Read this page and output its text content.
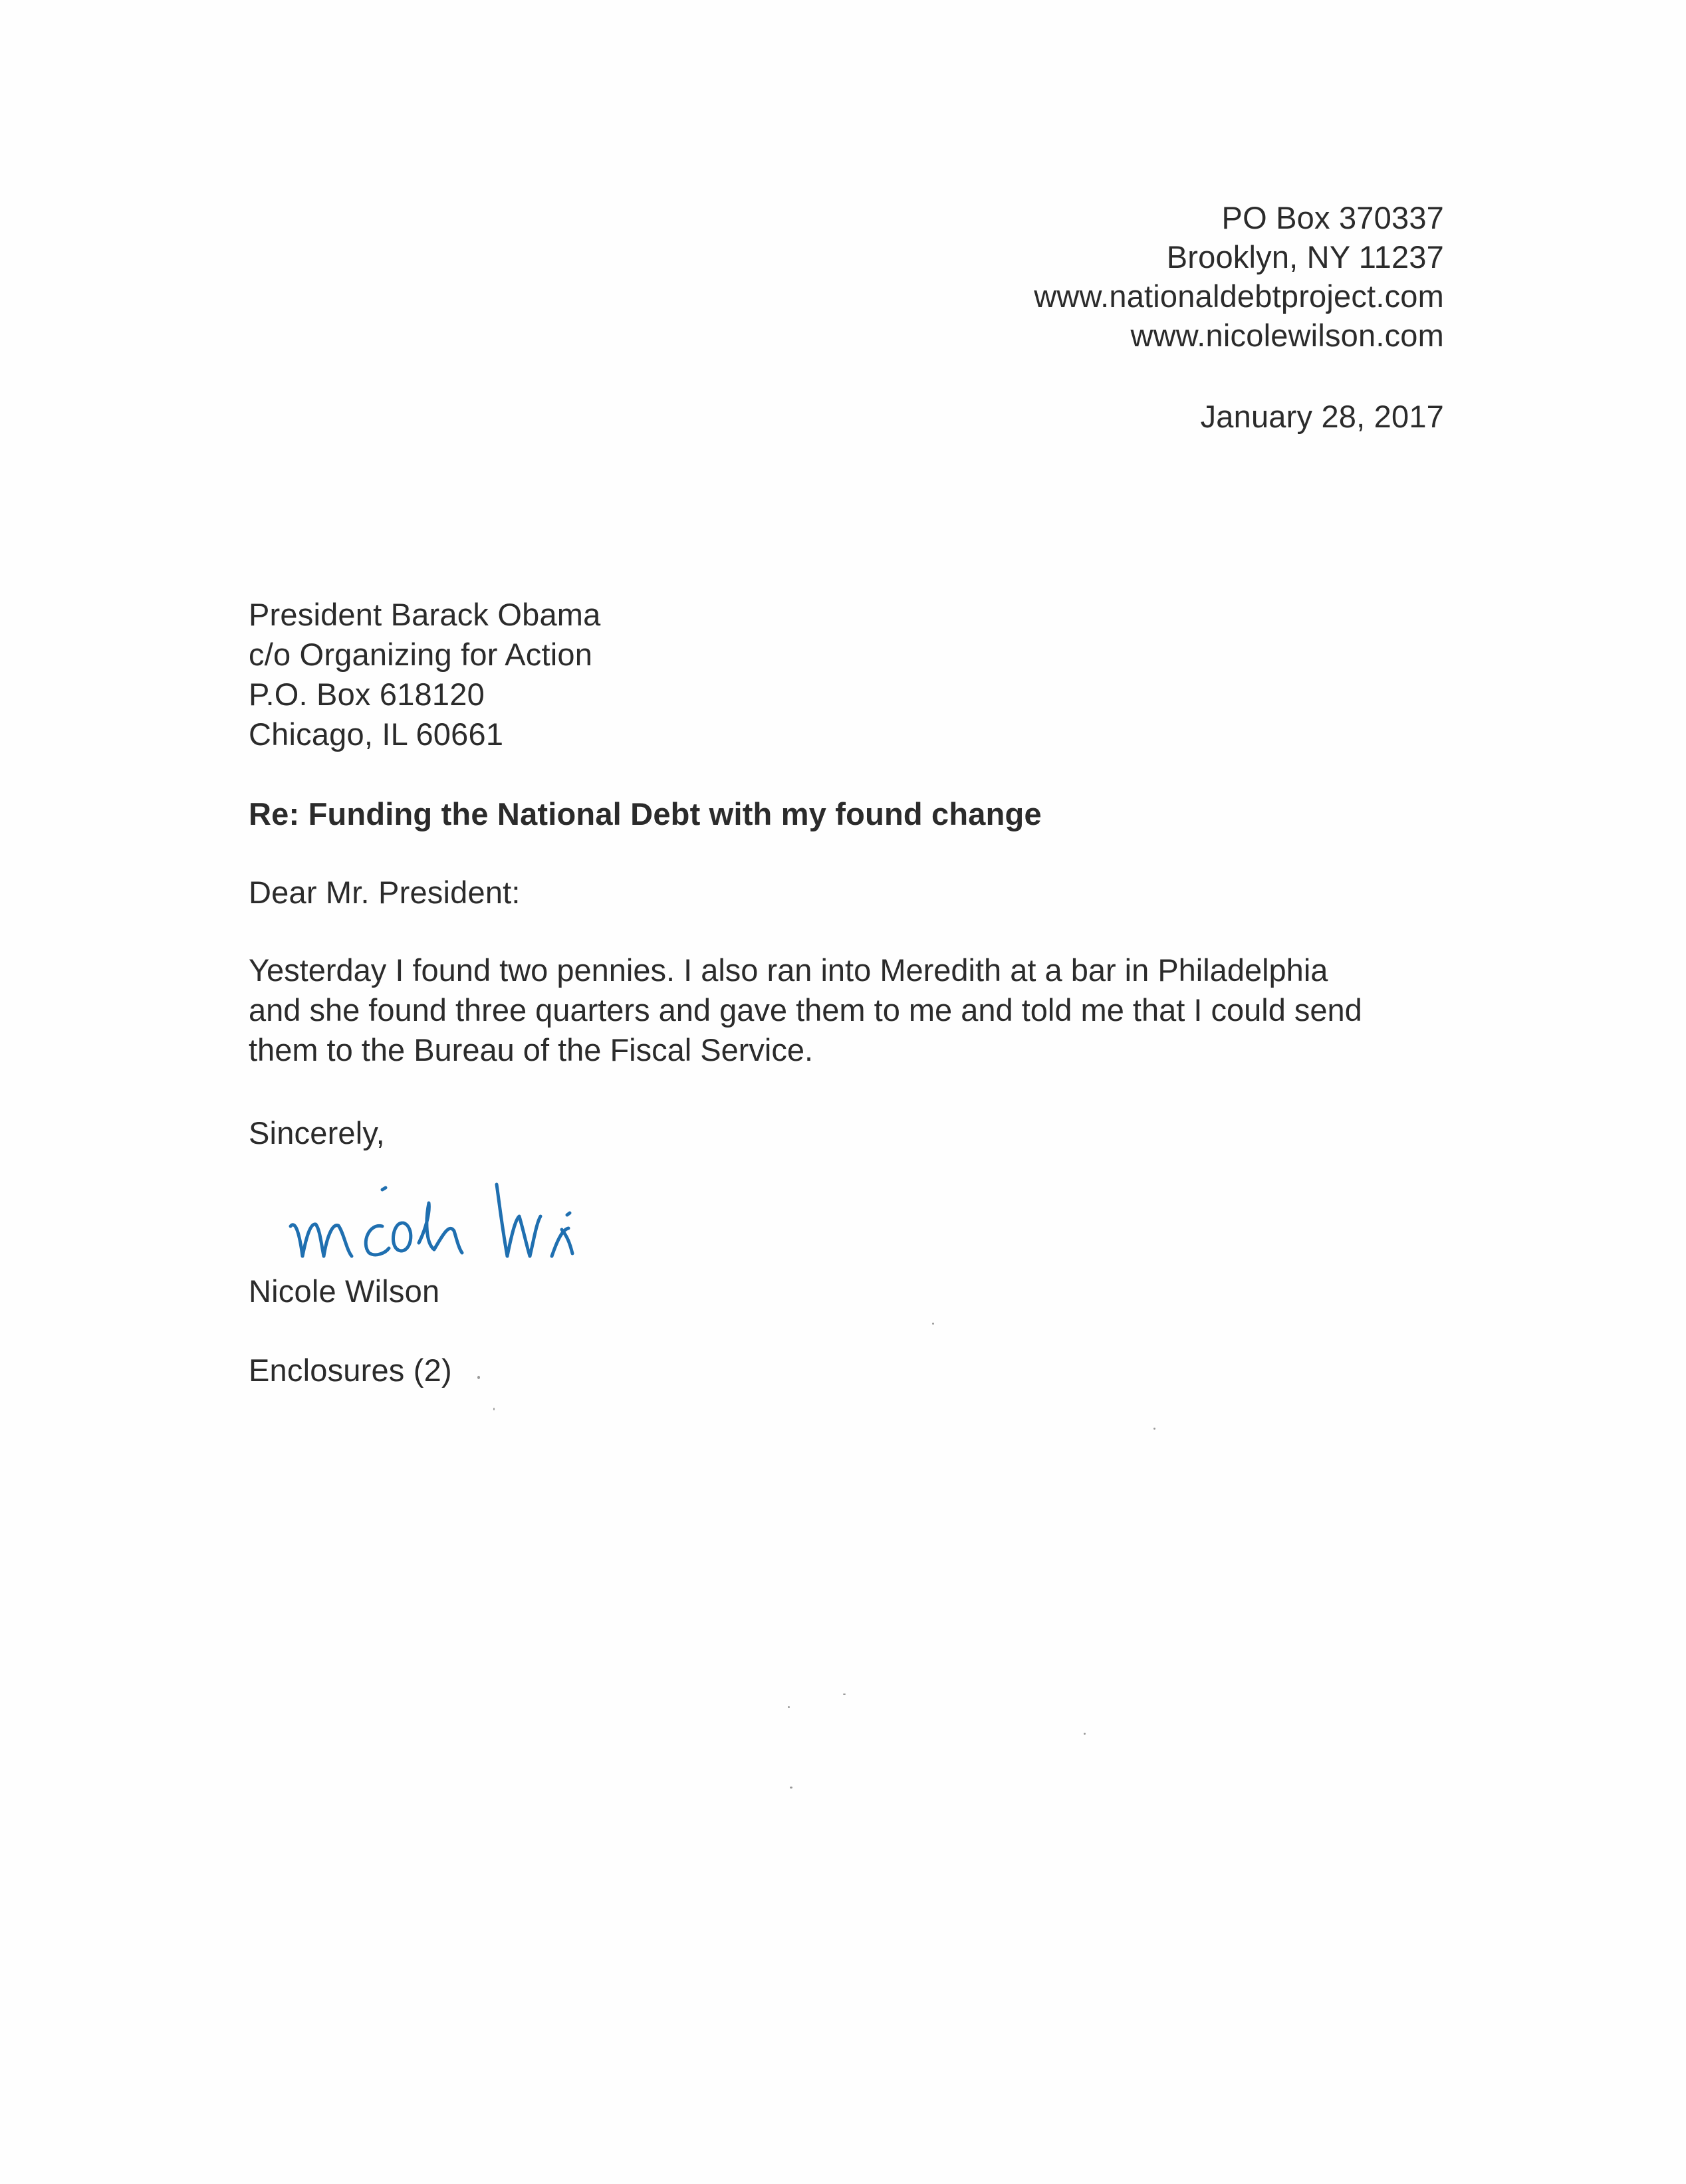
PO Box 370337
Brooklyn, NY 11237
www.nationaldebtproject.com
www.nicolewilson.com
January 28, 2017
President Barack Obama
c/o Organizing for Action
P.O. Box 618120
Chicago, IL 60661
Re: Funding the National Debt with my found change
Dear Mr. President:
Yesterday I found two pennies. I also ran into Meredith at a bar in Philadelphia
and she found three quarters and gave them to me and told me that I could send
them to the Bureau of the Fiscal Service.
Sincerely,
Nicole Wilson
Enclosures (2)
